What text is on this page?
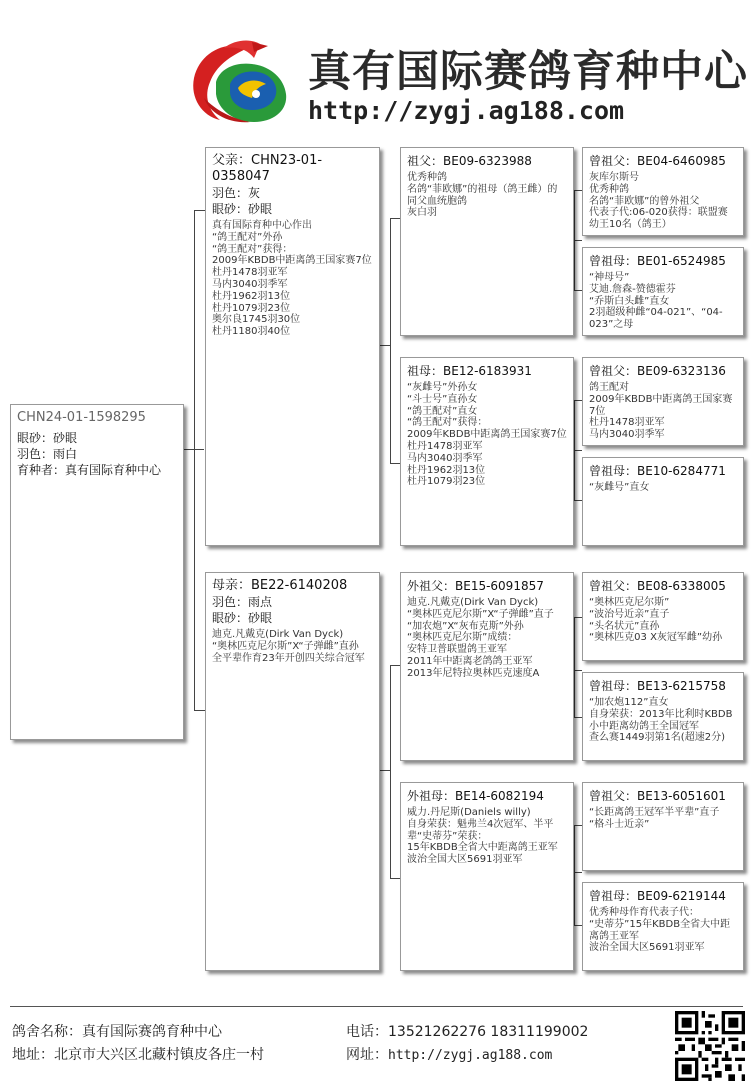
真有国际赛鸽育种中心
http://zygj.ag188.com
CHN24-01-1598295
眼砂：砂眼
羽色：雨白
育种者：真有国际育种中心
父亲：CHN23-01-0358047
羽色：灰
眼砂：砂眼
真有国际育种中心作出
“鸽王配对”外孙
“鸽王配对”获得：
2009年KBDB中距离鸽王国家赛7位
杜丹1478羽亚军
马内3040羽季军
杜丹1962羽13位
杜丹1079羽23位
奥尔良1745羽30位
杜丹1180羽40位
母亲：BE22-6140208
羽色：雨点
眼砂：砂眼
迪克.凡戴克(Dirk Van Dyck)
“奥林匹克尼尔斯”X“子弹雌”直孙
全平辈作育23年开创四关综合冠军
祖父：BE09-6323988
优秀种鸽
名鸽“菲欧娜”的祖母（鸽王雌）的同父血统胞鸽
灰白羽
祖母：BE12-6183931
“灰雌号”外孙女
“斗士号”直孙女
“鸽王配对”直女
“鸽王配对”获得：
2009年KBDB中距离鸽王国家赛7位
杜丹1478羽亚军
马内3040羽季军
杜丹1962羽13位
杜丹1079羽23位
外祖父：BE15-6091857
迪克.凡戴克(Dirk Van Dyck)
“奥林匹克尼尔斯”X“子弹雌”直子
“加农炮”X“灰布克斯”外孙
“奥林匹克尼尔斯”成绩：
安特卫普联盟鸽王亚军
2011年中距离老鸽鸽王亚军
2013年尼特拉奥林匹克速度A
外祖母：BE14-6082194
威力.丹尼斯(Daniels willy)
自身荣获：魁弗兰4次冠军、半平辈“史蒂芬”荣获：
15年KBDB全省大中距离鸽王亚军
波治全国大区5691羽亚军
曾祖父：BE04-6460985
灰库尔斯号
优秀种鸽
名鸽“菲欧娜”的曾外祖父
代表子代:06-020获得：联盟赛幼王10名（鸽王）
曾祖母：BE01-6524985
“神母号”
艾迪.詹森-赞德霍芬
“乔斯白头雌”直女
2羽超级种雌“04-021”、“04-023”之母
曾祖父：BE09-6323136
鸽王配对
2009年KBDB中距离鸽王国家赛7位
杜丹1478羽亚军
马内3040羽季军
曾祖母：BE10-6284771
“灰雌号”直女
曾祖父：BE08-6338005
“奥林匹克尼尔斯”
“波治号近亲”直子
“头名状元”直孙
“奥林匹克03 X灰冠军雌”幼孙
曾祖母：BE13-6215758
“加农炮112”直女
自身荣获：2013年比利时KBDB小中距离幼鸽王全国冠军
查么赛1449羽第1名(超速2分)
曾祖父：BE13-6051601
“长距离鸽王冠军半平辈”直子
“格斗士近亲”
曾祖母：BE09-6219144
优秀种母作育代表子代：
“史蒂芬”15年KBDB全省大中距离鸽王亚军
波治全国大区5691羽亚军
鸽舍名称：真有国际赛鸽育种中心
地址：北京市大兴区北藏村镇皮各庄一村
电话：13521262276 18311199002
网址：http://zygj.ag188.com
